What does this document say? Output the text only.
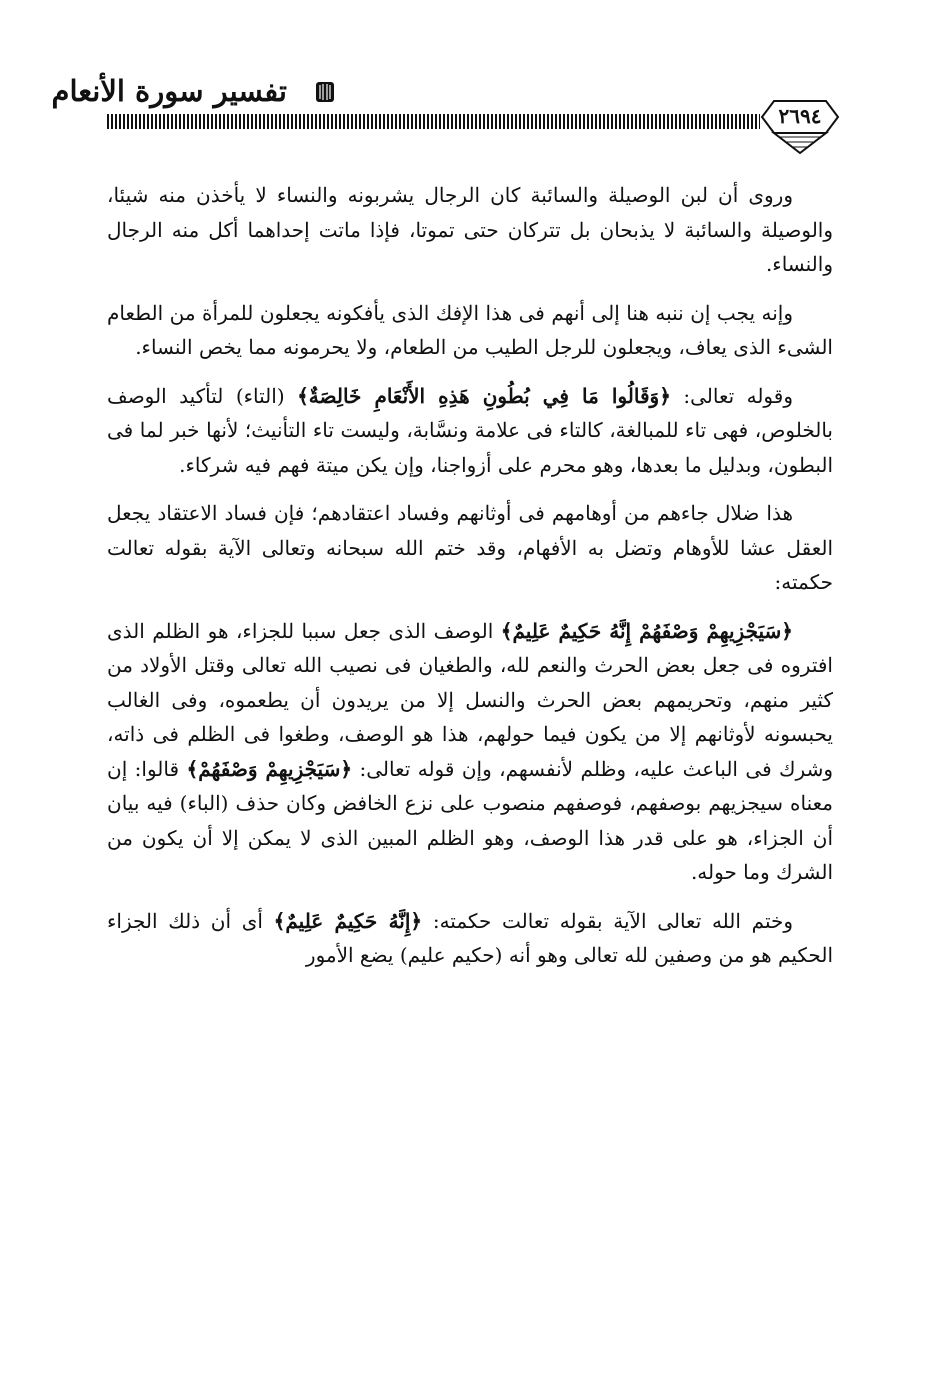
تفسير سورة الأنعام
٢٦٩٤

وروى أن لبن الوصيلة والسائبة كان الرجال يشربونه والنساء لا يأخذن منه شيئا، والوصيلة والسائبة لا يذبحان بل تتركان حتى تموتا، فإذا ماتت إحداهما أكل منه الرجال والنساء.

وإنه يجب إن ننبه هنا إلى أنهم فى هذا الإفك الذى يأفكونه يجعلون للمرأة من الطعام الشىء الذى يعاف، ويجعلون للرجل الطيب من الطعام، ولا يحرمونه مما يخص النساء.

وقوله تعالى: ﴿وَقَالُوا مَا فِي بُطُونِ هَذِهِ الأَنْعَامِ خَالِصَةٌ﴾ (التاء) لتأكيد الوصف بالخلوص، فهى تاء للمبالغة، كالتاء فى علامة ونسَّابة، وليست تاء التأنيث؛ لأنها خبر لما فى البطون، وبدليل ما بعدها، وهو محرم على أزواجنا، وإن يكن ميتة فهم فيه شركاء.

هذا ضلال جاءهم من أوهامهم فى أوثانهم وفساد اعتقادهم؛ فإن فساد الاعتقاد يجعل العقل عشا للأوهام وتضل به الأفهام، وقد ختم الله سبحانه وتعالى الآية بقوله تعالت حكمته:

﴿سَيَجْزِيهِمْ وَصْفَهُمْ إِنَّهُ حَكِيمٌ عَلِيمٌ﴾ الوصف الذى جعل سببا للجزاء، هو الظلم الذى افتروه فى جعل بعض الحرث والنعم لله، والطغيان فى نصيب الله تعالى وقتل الأولاد من كثير منهم، وتحريمهم بعض الحرث والنسل إلا من يريدون أن يطعموه، وفى الغالب يحبسونه لأوثانهم إلا من يكون فيما حولهم، هذا هو الوصف، وطغوا فى الظلم فى ذاته، وشرك فى الباعث عليه، وظلم لأنفسهم، وإن قوله تعالى: ﴿سَيَجْزِيهِمْ وَصْفَهُمْ﴾ قالوا: إن معناه سيجزيهم بوصفهم، فوصفهم منصوب على نزع الخافض وكان حذف (الباء) فيه بيان أن الجزاء، هو على قدر هذا الوصف، وهو الظلم المبين الذى لا يمكن إلا أن يكون من الشرك وما حوله.

وختم الله تعالى الآية بقوله تعالت حكمته: ﴿إِنَّهُ حَكِيمٌ عَلِيمٌ﴾ أى أن ذلك الجزاء الحكيم هو من وصفين لله تعالى وهو أنه (حكيم عليم) يضع الأمور
